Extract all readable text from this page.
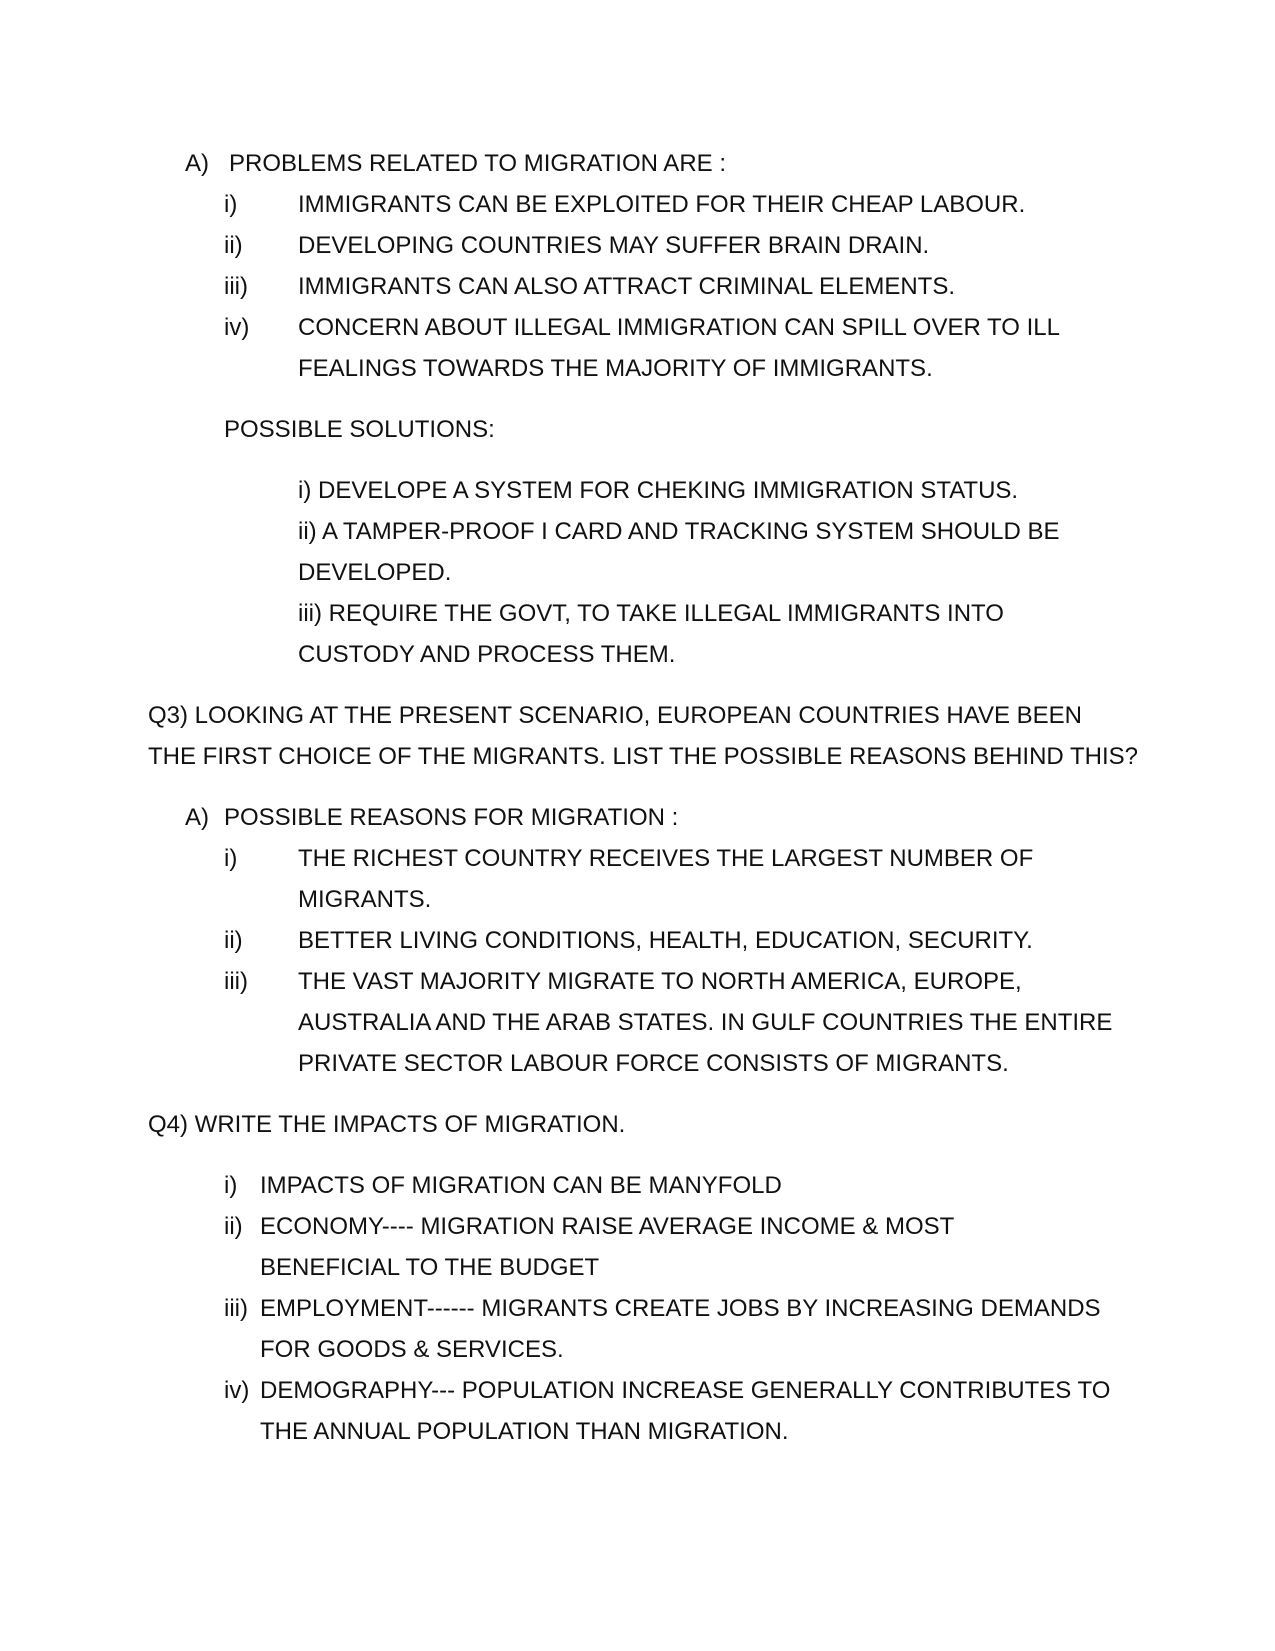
A) PROBLEMS RELATED TO MIGRATION ARE :
i)	IMMIGRANTS CAN BE EXPLOITED FOR THEIR CHEAP LABOUR.
ii) DEVELOPING COUNTRIES MAY SUFFER BRAIN DRAIN.
iii) IMMIGRANTS CAN ALSO ATTRACT CRIMINAL ELEMENTS.
iv) CONCERN ABOUT ILLEGAL IMMIGRATION CAN SPILL OVER TO ILL
FEALINGS TOWARDS THE MAJORITY OF IMMIGRANTS.
POSSIBLE SOLUTIONS:
i) DEVELOPE A SYSTEM FOR CHEKING IMMIGRATION STATUS.
ii) A TAMPER-PROOF I CARD AND TRACKING SYSTEM SHOULD BE
DEVELOPED.
iii) REQUIRE THE GOVT, TO TAKE ILLEGAL IMMIGRANTS INTO
CUSTODY AND PROCESS THEM.
Q3) LOOKING AT THE PRESENT SCENARIO, EUROPEAN COUNTRIES HAVE BEEN
THE FIRST CHOICE OF THE MIGRANTS. LIST THE POSSIBLE REASONS BEHIND THIS?
A) POSSIBLE REASONS FOR MIGRATION :
i)	THE RICHEST COUNTRY RECEIVES THE LARGEST NUMBER OF
MIGRANTS.
ii) BETTER LIVING CONDITIONS, HEALTH, EDUCATION, SECURITY.
iii) THE VAST MAJORITY MIGRATE TO NORTH AMERICA, EUROPE,
AUSTRALIA AND THE ARAB STATES. IN GULF COUNTRIES THE ENTIRE
PRIVATE SECTOR LABOUR FORCE CONSISTS OF MIGRANTS.
Q4) WRITE THE IMPACTS OF MIGRATION.
i) IMPACTS OF MIGRATION CAN BE MANYFOLD
ii) ECONOMY---- MIGRATION RAISE AVERAGE INCOME & MOST
BENEFICIAL TO THE BUDGET
iii) EMPLOYMENT------ MIGRANTS CREATE JOBS BY INCREASING DEMANDS
FOR GOODS & SERVICES.
iv) DEMOGRAPHY--- POPULATION INCREASE GENERALLY CONTRIBUTES TO
THE ANNUAL POPULATION THAN MIGRATION.
